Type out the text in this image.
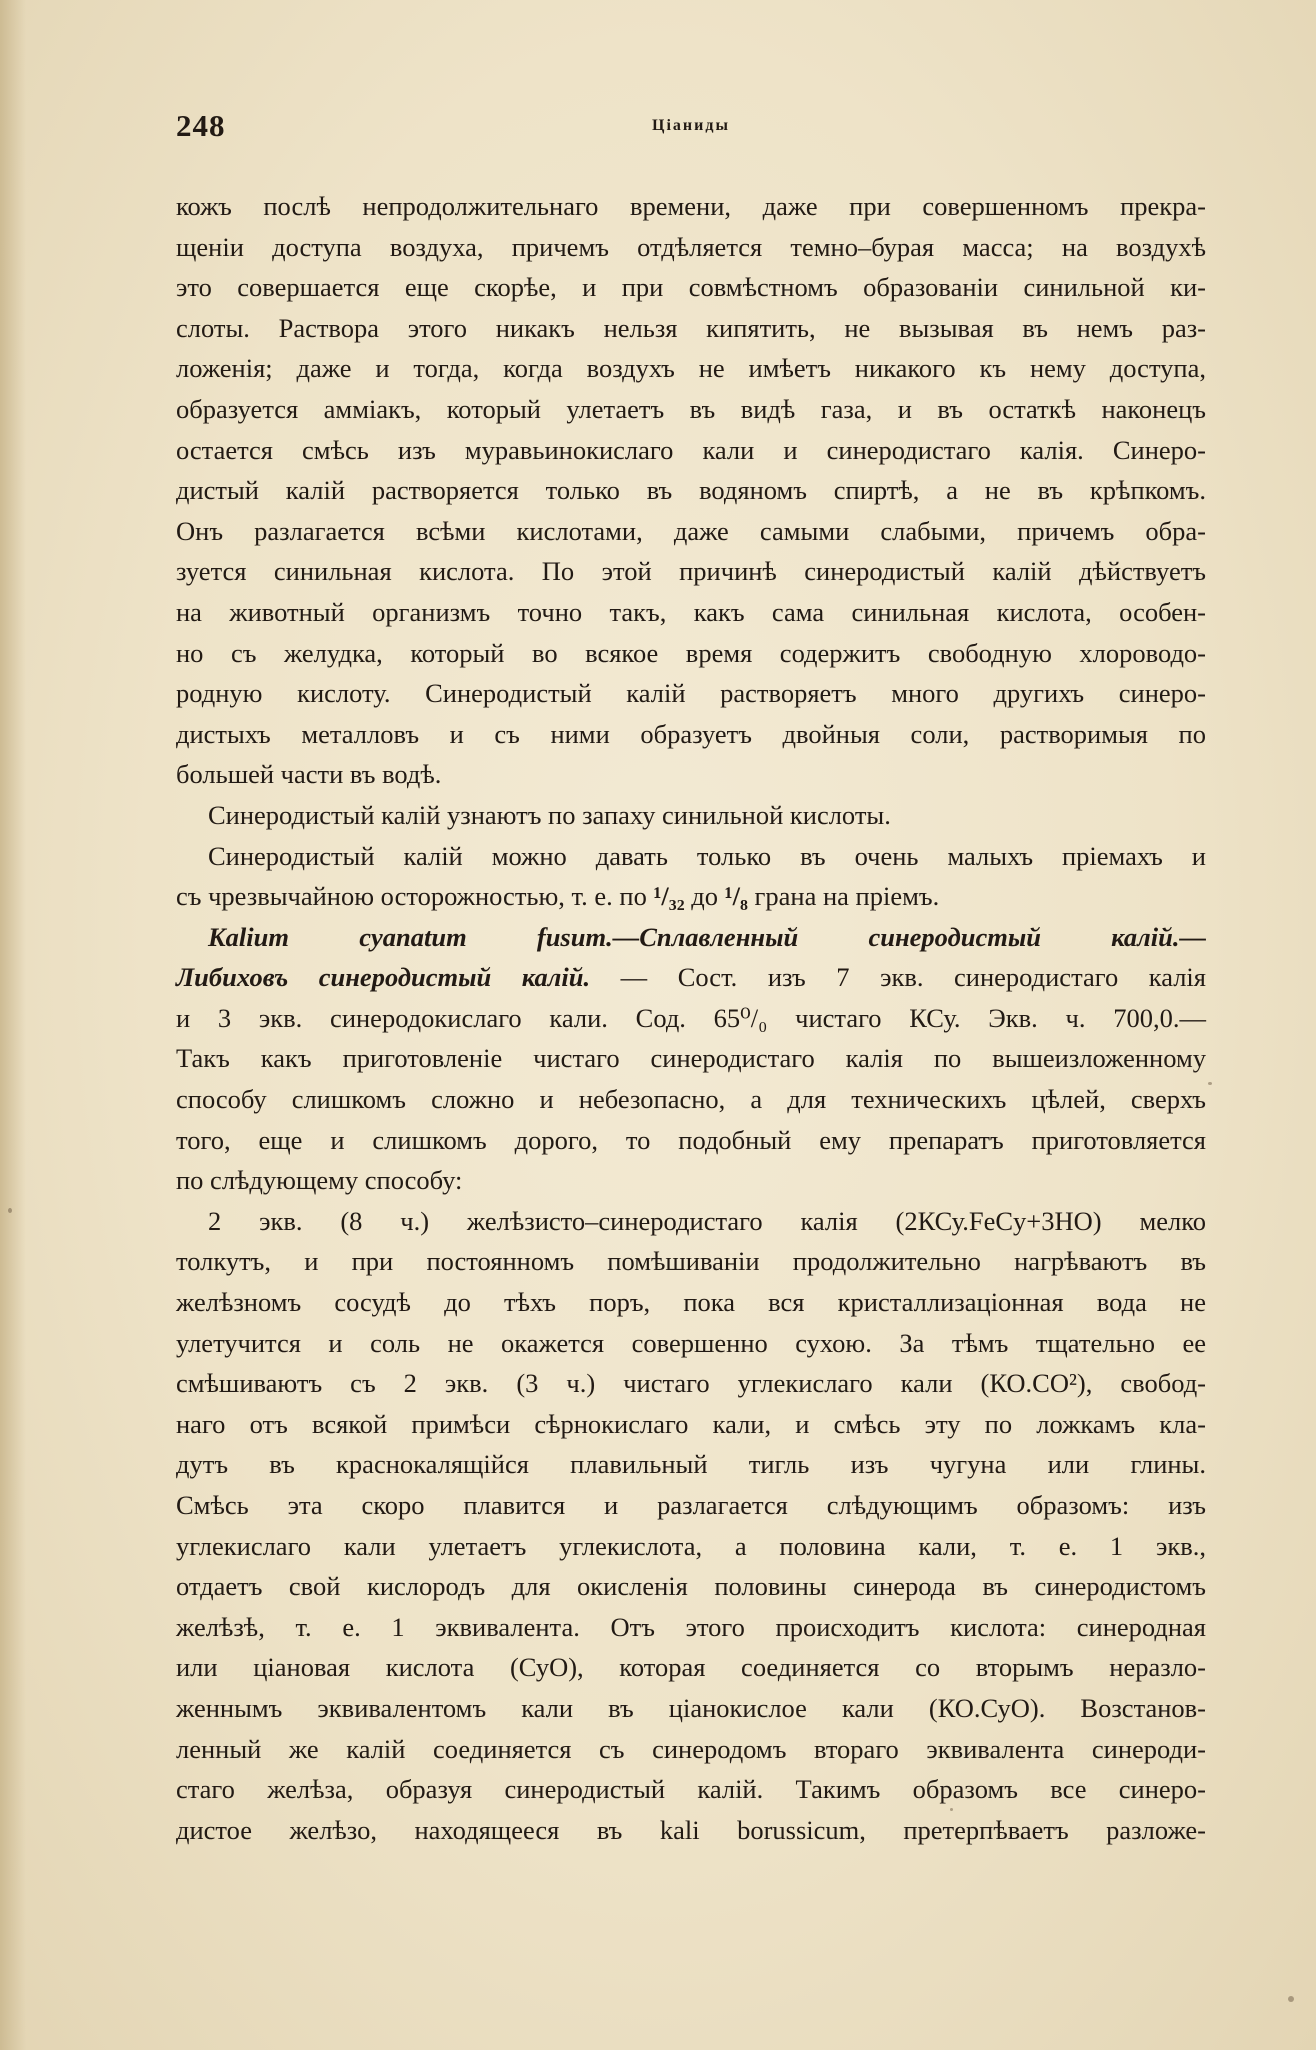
248	Ціаниды
кожъ послѣ непродолжительнаго времени, даже при совершенномъ прекра-
щеніи доступа воздуха, причемъ отдѣляется темно–бурая масса; на воздухѣ
это совершается еще скорѣе, и при совмѣстномъ образованіи синильной ки-
слоты. Раствора этого никакъ нельзя кипятить, не вызывая въ немъ раз-
ложенія; даже и тогда, когда воздухъ не имѣетъ никакого къ нему доступа,
образуется амміакъ, который улетаетъ въ видѣ газа, и въ остаткѣ наконецъ
остается смѣсь изъ муравьинокислаго кали и синеродистаго калія. Синеро-
дистый калій растворяется только въ водяномъ спиртѣ, а не въ крѣпкомъ.
Онъ разлагается всѣми кислотами, даже самыми слабыми, причемъ обра-
зуется синильная кислота. По этой причинѣ синеродистый калій дѣйствуетъ
на животный организмъ точно такъ, какъ сама синильная кислота, особен-
но съ желудка, который во всякое время содержитъ свободную хлороводо-
родную кислоту. Синеродистый калій растворяетъ много другихъ синеро-
дистыхъ металловъ и съ ними образуетъ двойныя соли, растворимыя по
большей части въ водѣ.
Синеродистый калій узнаютъ по запаху синильной кислоты.
Синеродистый калій можно давать только въ очень малыхъ пріемахъ и
съ чрезвычайною осторожностью, т. е. по ¹/₃₂ до ¹/₈ грана на пріемъ.
Kalium cyanatum fusum.—Сплавленный синеродистый калій.—
Либиховъ синеродистый калій. — Сост. изъ 7 экв. синеродистаго калія
и 3 экв. синеродокислаго кали. Сод. 65⁰/₀ чистаго КСу. Экв. ч. 700,0.—
Такъ какъ приготовленіе чистаго синеродистаго калія по вышеизложенному
способу слишкомъ сложно и небезопасно, а для техническихъ цѣлей, сверхъ
того, еще и слишкомъ дорого, то подобный ему препаратъ приготовляется
по слѣдующему способу:
2 экв. (8 ч.) желѣзисто–синеродистаго калія (2КСу.FeCy+3HO) мелко
толкутъ, и при постоянномъ помѣшиваніи продолжительно нагрѣваютъ въ
желѣзномъ сосудѣ до тѣхъ поръ, пока вся кристаллизаціонная вода не
улетучится и соль не окажется совершенно сухою. За тѣмъ тщательно ее
смѣшиваютъ съ 2 экв. (3 ч.) чистаго углекислаго кали (КО.СО²), свобод-
наго отъ всякой примѣси сѣрнокислаго кали, и смѣсь эту по ложкамъ кла-
дутъ въ краснокалящійся плавильный тигль изъ чугуна или глины.
Смѣсь эта скоро плавится и разлагается слѣдующимъ образомъ: изъ
углекислаго кали улетаетъ углекислота, а половина кали, т. е. 1 экв.,
отдаетъ свой кислородъ для окисленія половины синерода въ синеродистомъ
желѣзѣ, т. е. 1 эквивалента. Отъ этого происходитъ кислота: синеродная
или ціановая кислота (СуО), которая соединяется со вторымъ неразло-
женнымъ эквивалентомъ кали въ ціанокислое кали (КО.СуО). Возстанов-
ленный же калій соединяется съ синеродомъ втораго эквивалента синероди-
стаго желѣза, образуя синеродистый калій. Такимъ образомъ все синеро-
дистое желѣзо, находящееся въ kali borussicum, претерпѣваетъ разложе-
